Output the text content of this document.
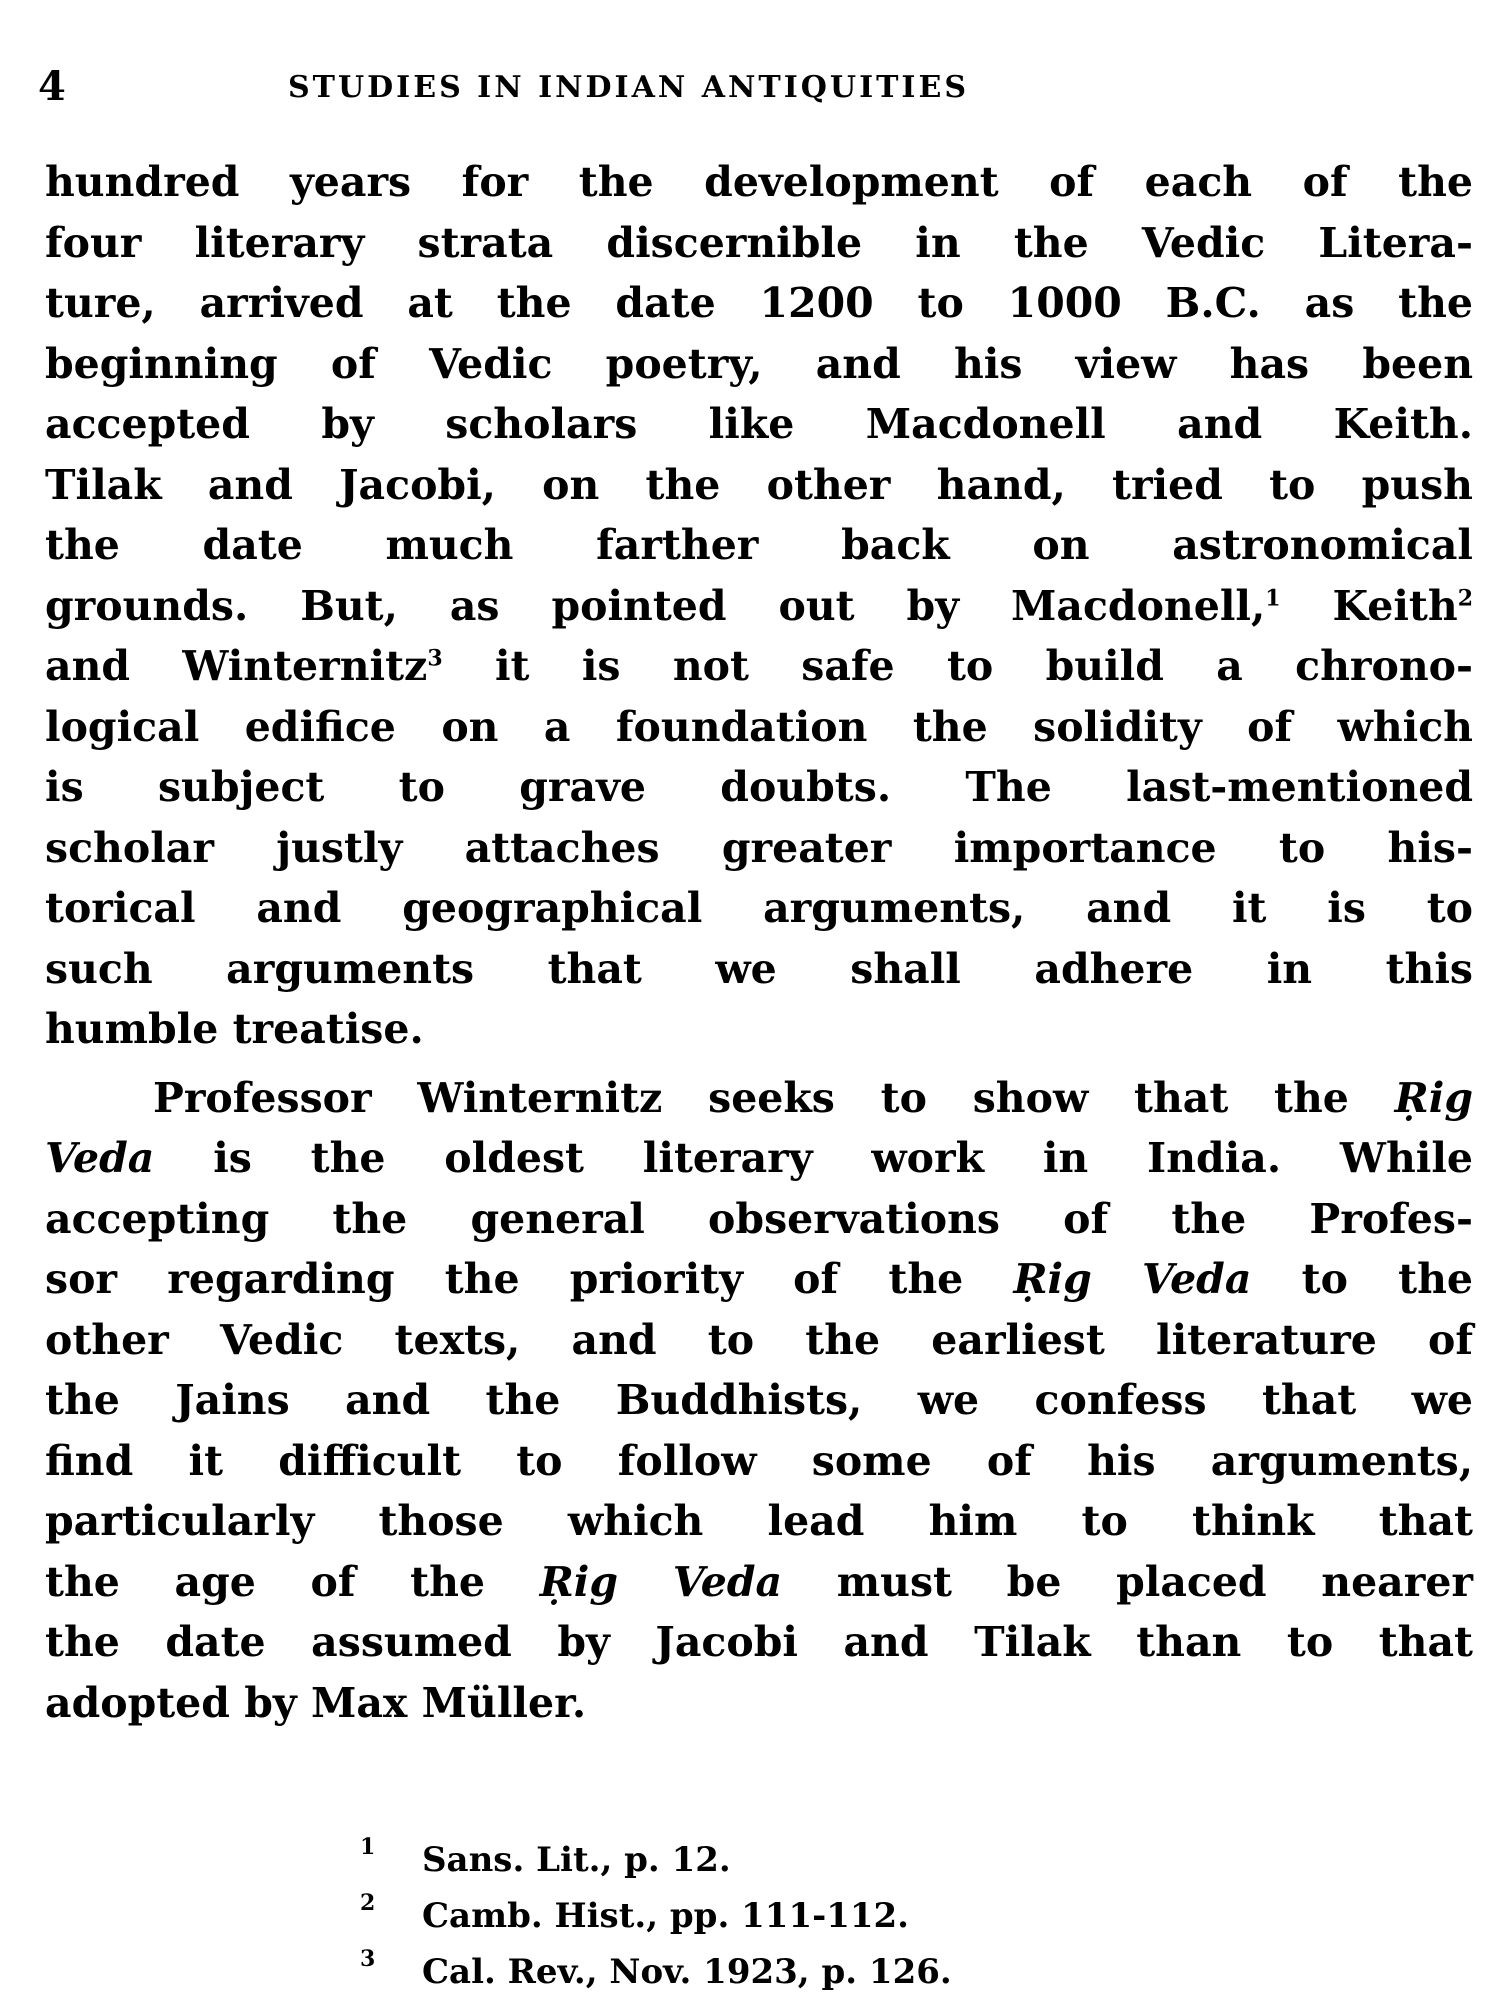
4	STUDIES IN INDIAN ANTIQUITIES
hundred years for the development of each of the
four literary strata discernible in the Vedic Litera-
ture, arrived at the date 1200 to 1000 B.C. as the
beginning of Vedic poetry, and his view has been
accepted by scholars like Macdonell and Keith.
Tilak and Jacobi, on the other hand, tried to push
the date much farther back on astronomical
grounds. But, as pointed out by Macdonell,$^1$ Keith$^2$
and Winternitz$^3$ it is not safe to build a chrono-
logical edifice on a foundation the solidity of which
is subject to grave doubts. The last-mentioned
scholar justly attaches greater importance to his-
torical and geographical arguments, and it is to
such arguments that we shall adhere in this
humble treatise.
Professor Winternitz seeks to show that the Ṛig
Veda is the oldest literary work in India. While
accepting the general observations of the Profes-
sor regarding the priority of the Ṛig Veda to the
other Vedic texts, and to the earliest literature of
the Jains and the Buddhists, we confess that we
find it difficult to follow some of his arguments,
particularly those which lead him to think that
the age of the Ṛig Veda must be placed nearer
the date assumed by Jacobi and Tilak than to that
adopted by Max Müller.
1 Sans. Lit., p. 12.
2 Camb. Hist., pp. 111-112.
3 Cal. Rev., Nov. 1923, p. 126.
